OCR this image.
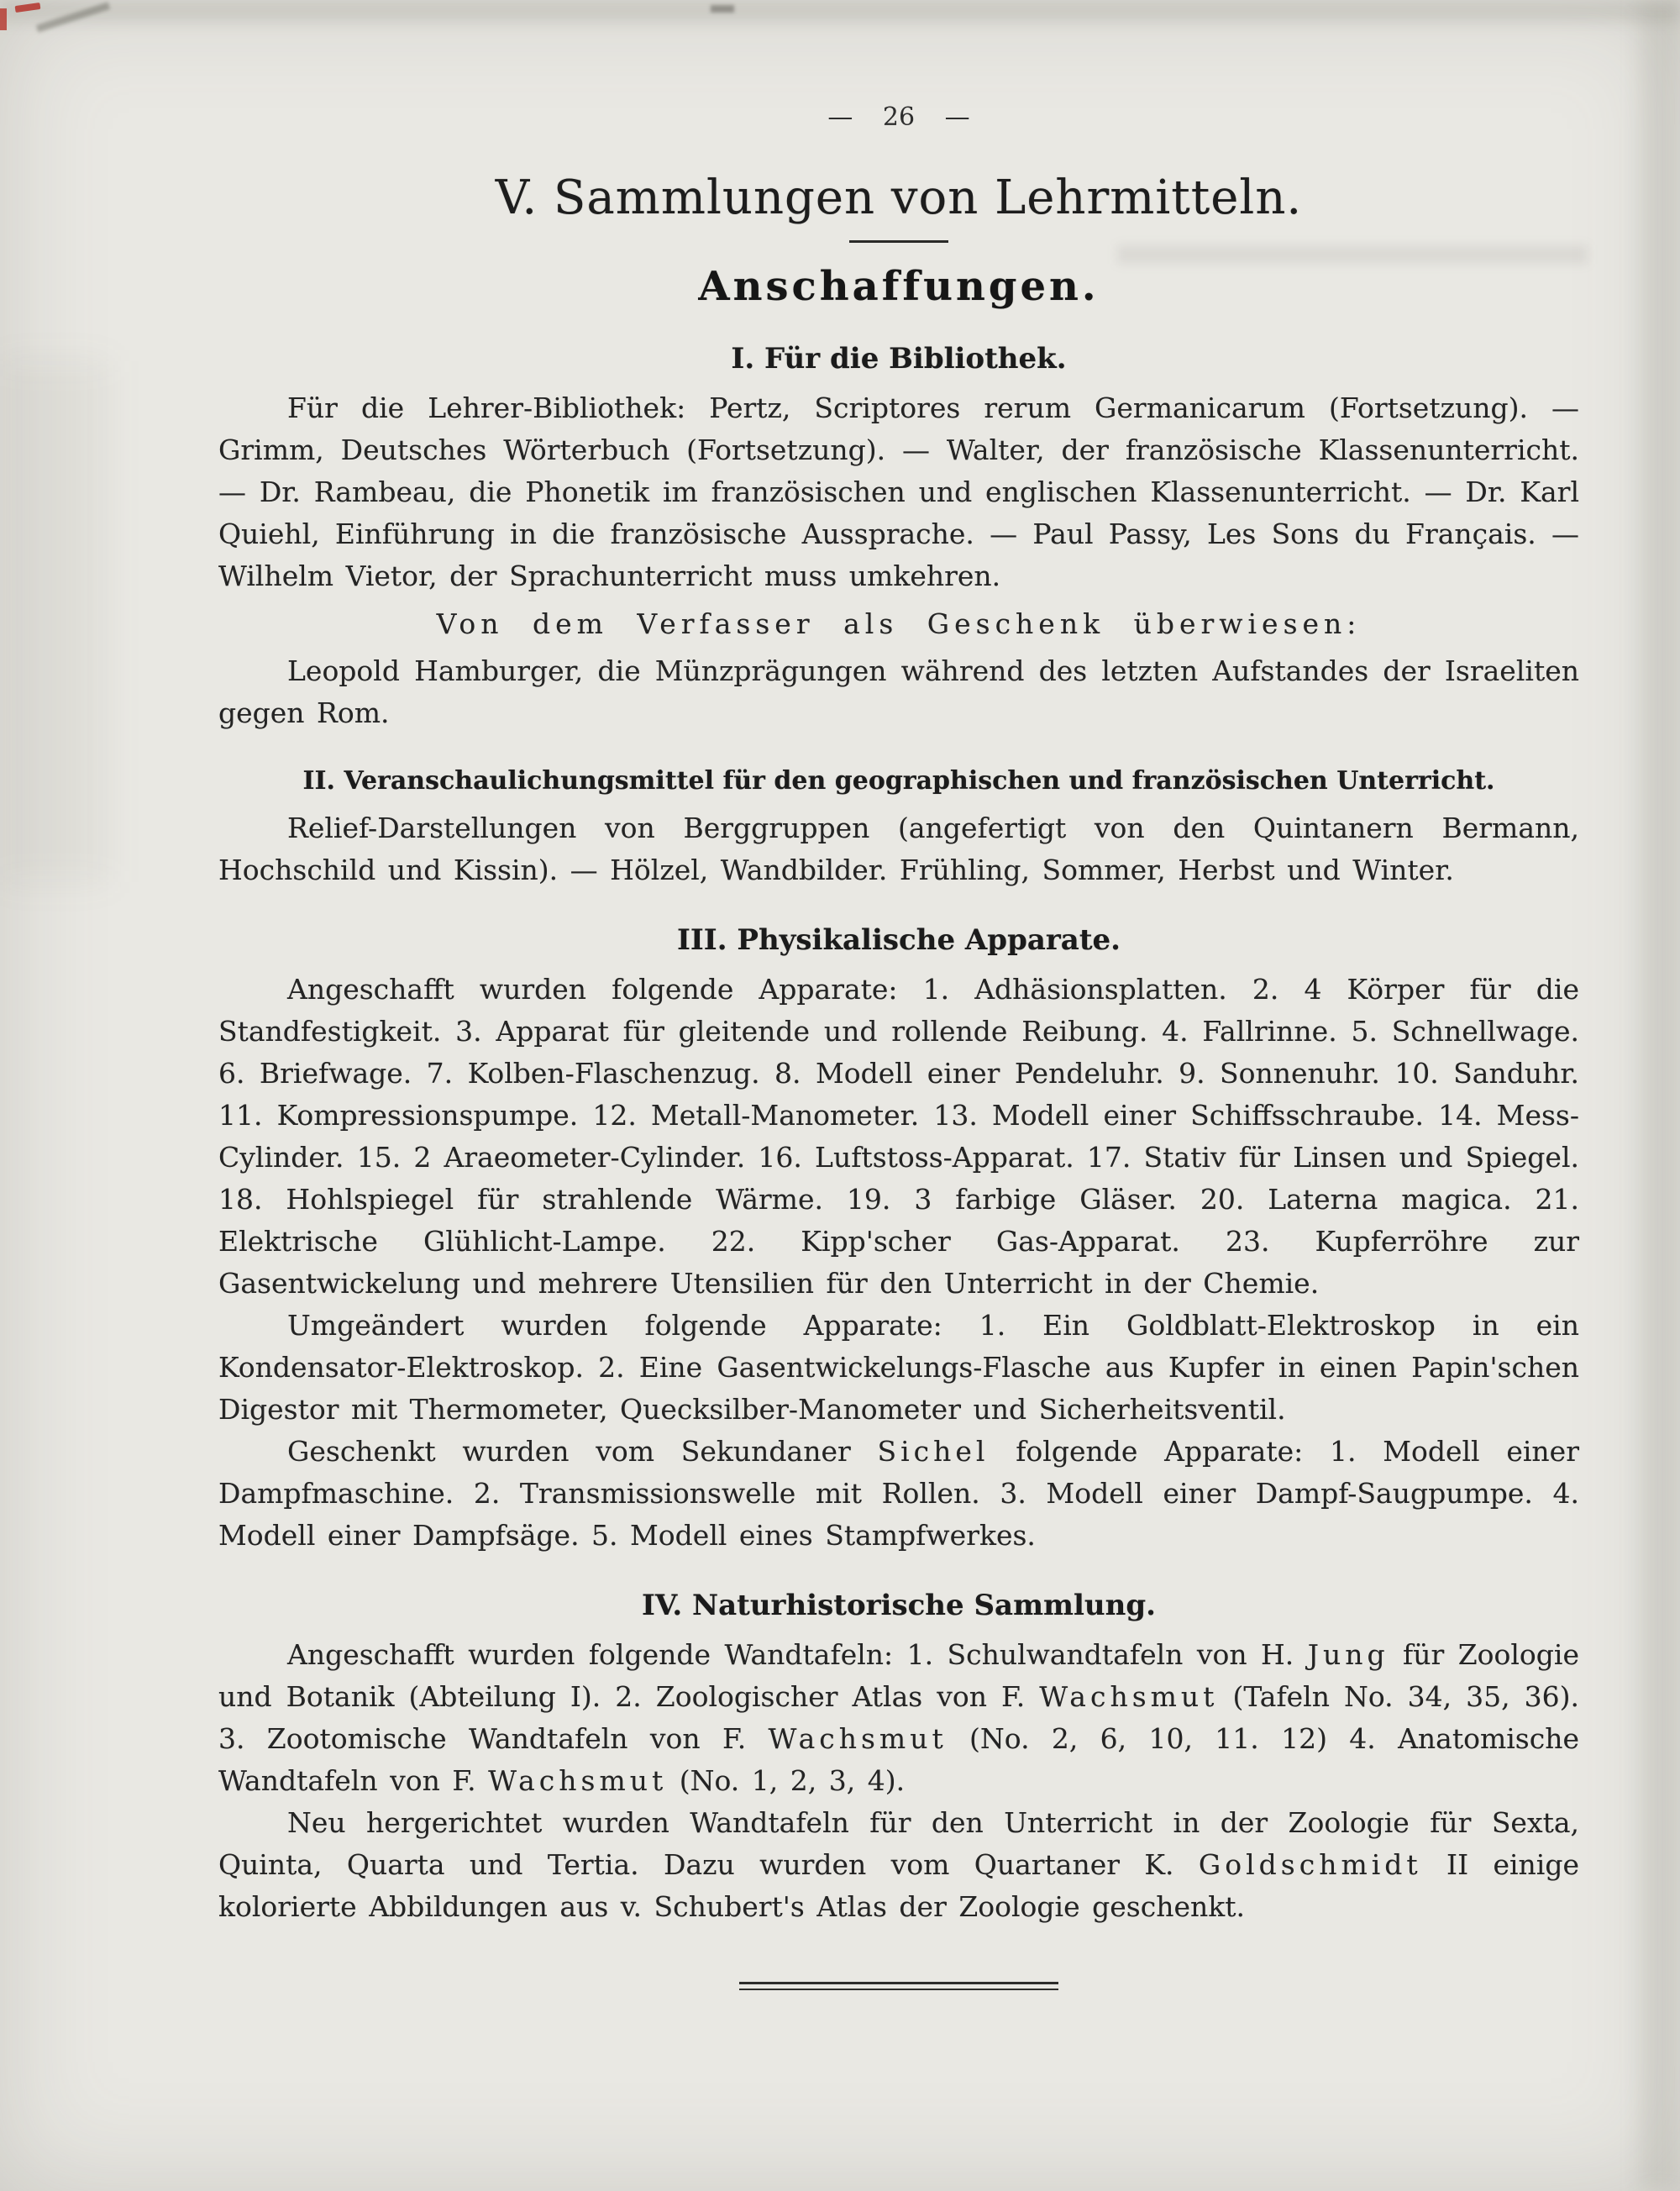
— 26 —
V. Sammlungen von Lehrmitteln.
Anschaffungen.
I. Für die Bibliothek.

Für die Lehrer-Bibliothek: Pertz, Scriptores rerum Germanicarum (Fortsetzung). — Grimm, Deutsches Wörterbuch (Fortsetzung). — Walter, der französische Klassenunterricht. — Dr. Rambeau, die Phonetik im französischen und englischen Klassenunterricht. — Dr. Karl Quiehl, Einführung in die französische Aussprache. — Paul Passy, Les Sons du Français. — Wilhelm Vietor, der Sprachunterricht muss umkehren.

Von dem Verfasser als Geschenk überwiesen:

Leopold Hamburger, die Münzprägungen während des letzten Aufstandes der Israeliten gegen Rom.

II. Veranschaulichungsmittel für den geographischen und französischen Unterricht.

Relief-Darstellungen von Berggruppen (angefertigt von den Quintanern Bermann, Hochschild und Kissin). — Hölzel, Wandbilder. Frühling, Sommer, Herbst und Winter.

III. Physikalische Apparate.

Angeschafft wurden folgende Apparate: 1. Adhäsionsplatten. 2. 4 Körper für die Standfestigkeit. 3. Apparat für gleitende und rollende Reibung. 4. Fallrinne. 5. Schnellwage. 6. Briefwage. 7. Kolben-Flaschenzug. 8. Modell einer Pendeluhr. 9. Sonnenuhr. 10. Sanduhr. 11. Kompressionspumpe. 12. Metall-Manometer. 13. Modell einer Schiffsschraube. 14. Mess-Cylinder. 15. 2 Araeometer-Cylinder. 16. Luftstoss-Apparat. 17. Stativ für Linsen und Spiegel. 18. Hohlspiegel für strahlende Wärme. 19. 3 farbige Gläser. 20. Laterna magica. 21. Elektrische Glühlicht-Lampe. 22. Kipp'scher Gas-Apparat. 23. Kupferröhre zur Gasentwickelung und mehrere Utensilien für den Unterricht in der Chemie.

Umgeändert wurden folgende Apparate: 1. Ein Goldblatt-Elektroskop in ein Kondensator-Elektroskop. 2. Eine Gasentwickelungs-Flasche aus Kupfer in einen Papin'schen Digestor mit Thermometer, Quecksilber-Manometer und Sicherheitsventil.

Geschenkt wurden vom Sekundaner Sichel folgende Apparate: 1. Modell einer Dampfmaschine. 2. Transmissionswelle mit Rollen. 3. Modell einer Dampf-Saugpumpe. 4. Modell einer Dampfsäge. 5. Modell eines Stampfwerkes.

IV. Naturhistorische Sammlung.

Angeschafft wurden folgende Wandtafeln: 1. Schulwandtafeln von H. Jung für Zoologie und Botanik (Abteilung I). 2. Zoologischer Atlas von F. Wachsmut (Tafeln No. 34, 35, 36). 3. Zootomische Wandtafeln von F. Wachsmut (No. 2, 6, 10, 11. 12) 4. Anatomische Wandtafeln von F. Wachsmut (No. 1, 2, 3, 4).

Neu hergerichtet wurden Wandtafeln für den Unterricht in der Zoologie für Sexta, Quinta, Quarta und Tertia. Dazu wurden vom Quartaner K. Goldschmidt II einige kolorierte Abbildungen aus v. Schubert's Atlas der Zoologie geschenkt.
